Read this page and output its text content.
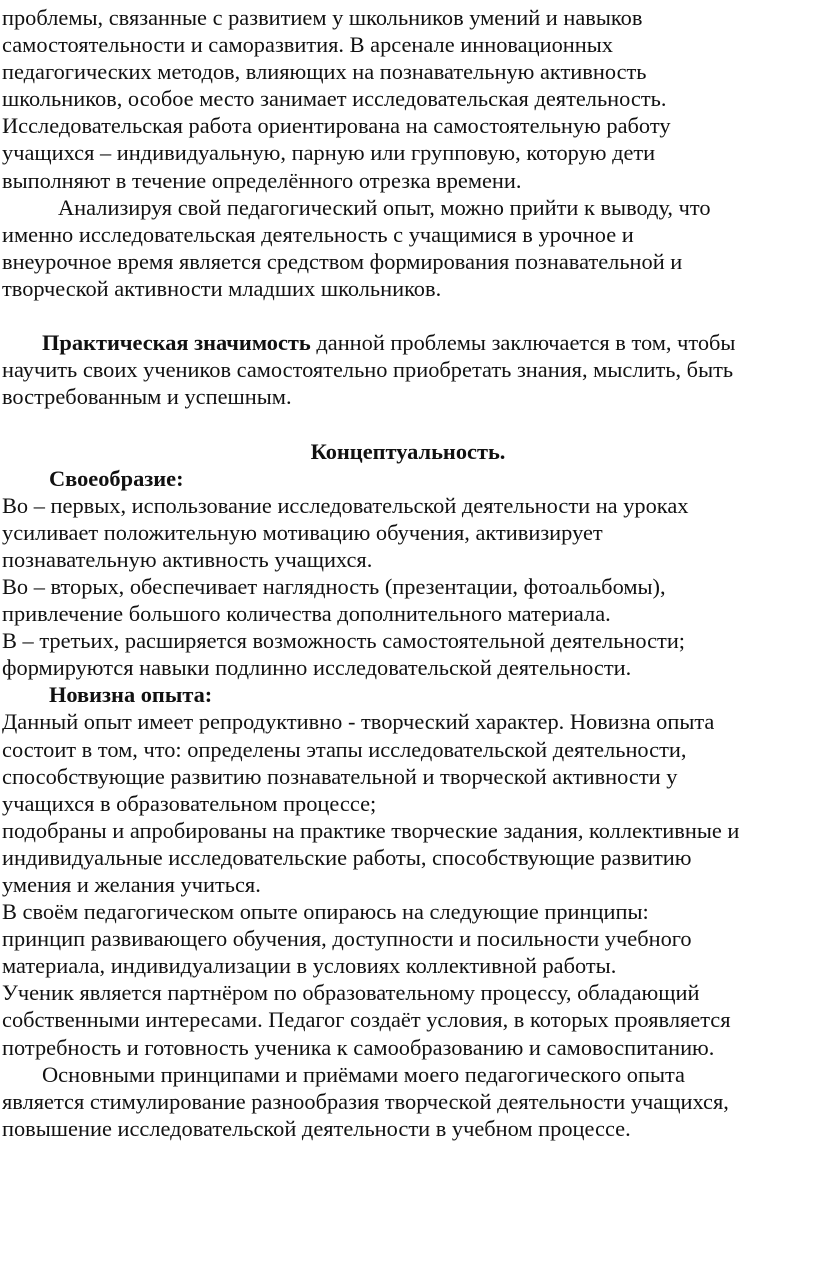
проблемы, связанные с развитием у школьников умений и навыков
самостоятельности и саморазвития. В арсенале инновационных
педагогических методов, влияющих на познавательную активность
школьников, особое место занимает исследовательская деятельность.
Исследовательская работа ориентирована на самостоятельную работу
учащихся – индивидуальную, парную или групповую, которую дети
выполняют в течение определённого отрезка времени.

Анализируя свой педагогический опыт, можно прийти к выводу, что
именно исследовательская деятельность с учащимися в урочное и
внеурочное время является средством формирования познавательной и
творческой активности младших школьников.

Практическая значимость данной проблемы заключается в том, чтобы
научить своих учеников самостоятельно приобретать знания, мыслить, быть
востребованным и успешным.

Концептуальность.

Своеобразие:

Во – первых, использование исследовательской деятельности на уроках
усиливает положительную мотивацию обучения, активизирует
познавательную активность учащихся.
Во – вторых, обеспечивает наглядность (презентации, фотоальбомы),
привлечение большого количества дополнительного материала.
В – третьих, расширяется возможность самостоятельной деятельности;
формируются навыки подлинно исследовательской деятельности.

Новизна опыта:

Данный опыт имеет репродуктивно - творческий характер. Новизна опыта
состоит в том, что: определены этапы исследовательской деятельности,
способствующие развитию познавательной и творческой активности у
учащихся в образовательном процессе;
подобраны и апробированы на практике творческие задания, коллективные и
индивидуальные исследовательские работы, способствующие развитию
умения и желания учиться.
В своём педагогическом опыте опираюсь на следующие принципы:
принцип развивающего обучения, доступности и посильности учебного
материала, индивидуализации в условиях коллективной работы.
Ученик является партнёром по образовательному процессу, обладающий
собственными интересами. Педагог создаёт условия, в которых проявляется
потребность и готовность ученика к самообразованию и самовоспитанию.

Основными принципами и приёмами моего педагогического опыта
является стимулирование разнообразия творческой деятельности учащихся,
повышение исследовательской деятельности в учебном процессе.
